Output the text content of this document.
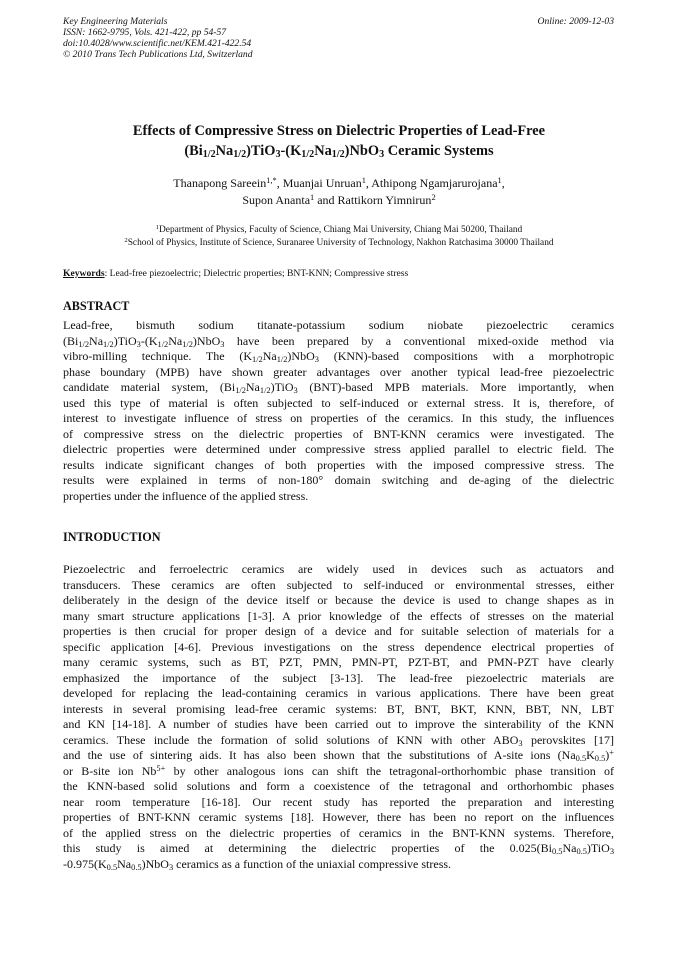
Key Engineering Materials
ISSN: 1662-9795, Vols. 421-422, pp 54-57
doi:10.4028/www.scientific.net/KEM.421-422.54
© 2010 Trans Tech Publications Ltd, Switzerland
Online: 2009-12-03
Effects of Compressive Stress on Dielectric Properties of Lead-Free
$(Bi_{1/2}Na_{1/2})TiO_3-(K_{1/2}Na_{1/2})NbO_3$ Ceramic Systems
Thanapong Sareein$^{1,*}$, Muanjai Unruan$^1$, Athipong Ngamjarurojana$^1$,
Supon Ananta$^1$ and Rattikorn Yimnirun$^2$
$^1$Department of Physics, Faculty of Science, Chiang Mai University, Chiang Mai 50200, Thailand
$^2$School of Physics, Institute of Science, Suranaree University of Technology, Nakhon Ratchasima 30000 Thailand
Keywords: Lead-free piezoelectric; Dielectric properties; BNT-KNN; Compressive stress
ABSTRACT
Lead-free, bismuth sodium titanate-potassium sodium niobate piezoelectric ceramics
$(Bi_{1/2}Na_{1/2})TiO_3-(K_{1/2}Na_{1/2})NbO_3$ have been prepared by a conventional mixed-oxide method via
vibro-milling technique. The $(K_{1/2}Na_{1/2})NbO_3$ (KNN)-based compositions with a morphotropic
phase boundary (MPB) have shown greater advantages over another typical lead-free piezoelectric
candidate material system, $(Bi_{1/2}Na_{1/2})TiO_3$ (BNT)-based MPB materials. More importantly, when
used this type of material is often subjected to self-induced or external stress. It is, therefore, of
interest to investigate influence of stress on properties of the ceramics. In this study, the influences
of compressive stress on the dielectric properties of BNT-KNN ceramics were investigated. The
dielectric properties were determined under compressive stress applied parallel to electric field. The
results indicate significant changes of both properties with the imposed compressive stress. The
results were explained in terms of non-180° domain switching and de-aging of the dielectric
properties under the influence of the applied stress.
INTRODUCTION
Piezoelectric and ferroelectric ceramics are widely used in devices such as actuators and
transducers. These ceramics are often subjected to self-induced or environmental stresses, either
deliberately in the design of the device itself or because the device is used to change shapes as in
many smart structure applications [1-3]. A prior knowledge of the effects of stresses on the material
properties is then crucial for proper design of a device and for suitable selection of materials for a
specific application [4-6]. Previous investigations on the stress dependence electrical properties of
many ceramic systems, such as BT, PZT, PMN, PMN-PT, PZT-BT, and PMN-PZT have clearly
emphasized the importance of the subject [3-13]. The lead-free piezoelectric materials are
developed for replacing the lead-containing ceramics in various applications. There have been great
interests in several promising lead-free ceramic systems: BT, BNT, BKT, KNN, BBT, NN, LBT
and KN [14-18]. A number of studies have been carried out to improve the sinterability of the KNN
ceramics. These include the formation of solid solutions of KNN with other $ABO_3$ perovskites [17]
and the use of sintering aids. It has also been shown that the substitutions of A-site ions $(Na_{0.5}K_{0.5})^+$
or B-site ion $Nb^{5+}$ by other analogous ions can shift the tetragonal-orthorhombic phase transition of
the KNN-based solid solutions and form a coexistence of the tetragonal and orthorhombic phases
near room temperature [16-18]. Our recent study has reported the preparation and interesting
properties of BNT-KNN ceramic systems [18]. However, there has been no report on the influences
of the applied stress on the dielectric properties of ceramics in the BNT-KNN systems. Therefore,
this study is aimed at determining the dielectric properties of the $0.025(Bi_{0.5}Na_{0.5})TiO_3$
$-0.975(K_{0.5}Na_{0.5})NbO_3$ ceramics as a function of the uniaxial compressive stress.
